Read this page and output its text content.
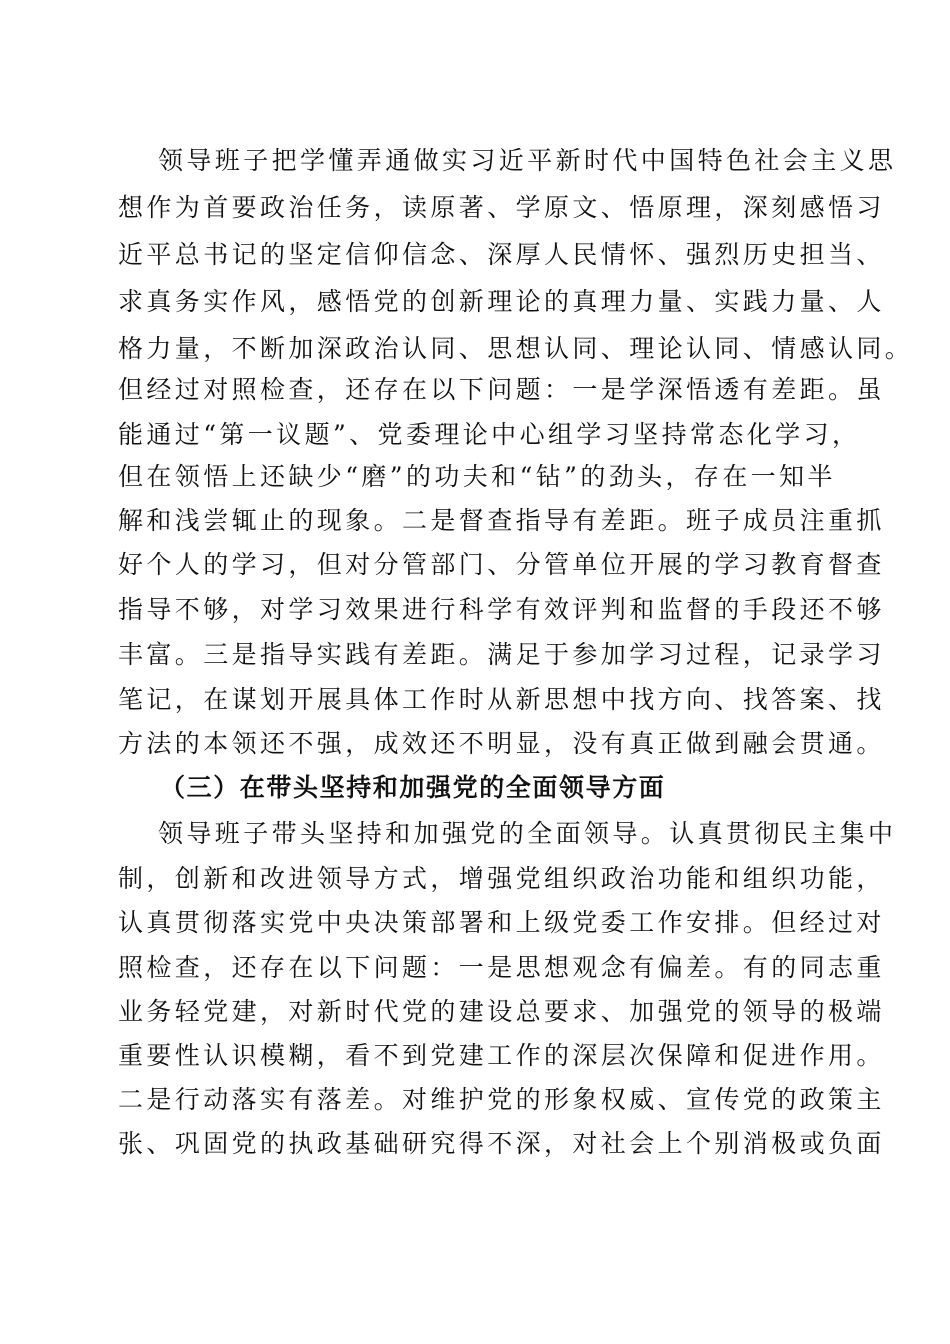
领导班子把学懂弄通做实习近平新时代中国特色社会主义思
想作为首要政治任务，读原著、学原文、悟原理，深刻感悟习
近平总书记的坚定信仰信念、深厚人民情怀、强烈历史担当、
求真务实作风，感悟党的创新理论的真理力量、实践力量、人
格力量，不断加深政治认同、思想认同、理论认同、情感认同。
但经过对照检查，还存在以下问题：一是学深悟透有差距。虽
能通过“第一议题”、党委理论中心组学习坚持常态化学习，
但在领悟上还缺少“磨”的功夫和“钻”的劲头，存在一知半
解和浅尝辄止的现象。二是督查指导有差距。班子成员注重抓
好个人的学习，但对分管部门、分管单位开展的学习教育督查
指导不够，对学习效果进行科学有效评判和监督的手段还不够
丰富。三是指导实践有差距。满足于参加学习过程，记录学习
笔记，在谋划开展具体工作时从新思想中找方向、找答案、找
方法的本领还不强，成效还不明显，没有真正做到融会贯通。
（三）在带头坚持和加强党的全面领导方面
领导班子带头坚持和加强党的全面领导。认真贯彻民主集中
制，创新和改进领导方式，增强党组织政治功能和组织功能，
认真贯彻落实党中央决策部署和上级党委工作安排。但经过对
照检查，还存在以下问题：一是思想观念有偏差。有的同志重
业务轻党建，对新时代党的建设总要求、加强党的领导的极端
重要性认识模糊，看不到党建工作的深层次保障和促进作用。
二是行动落实有落差。对维护党的形象权威、宣传党的政策主
张、巩固党的执政基础研究得不深，对社会上个别消极或负面
